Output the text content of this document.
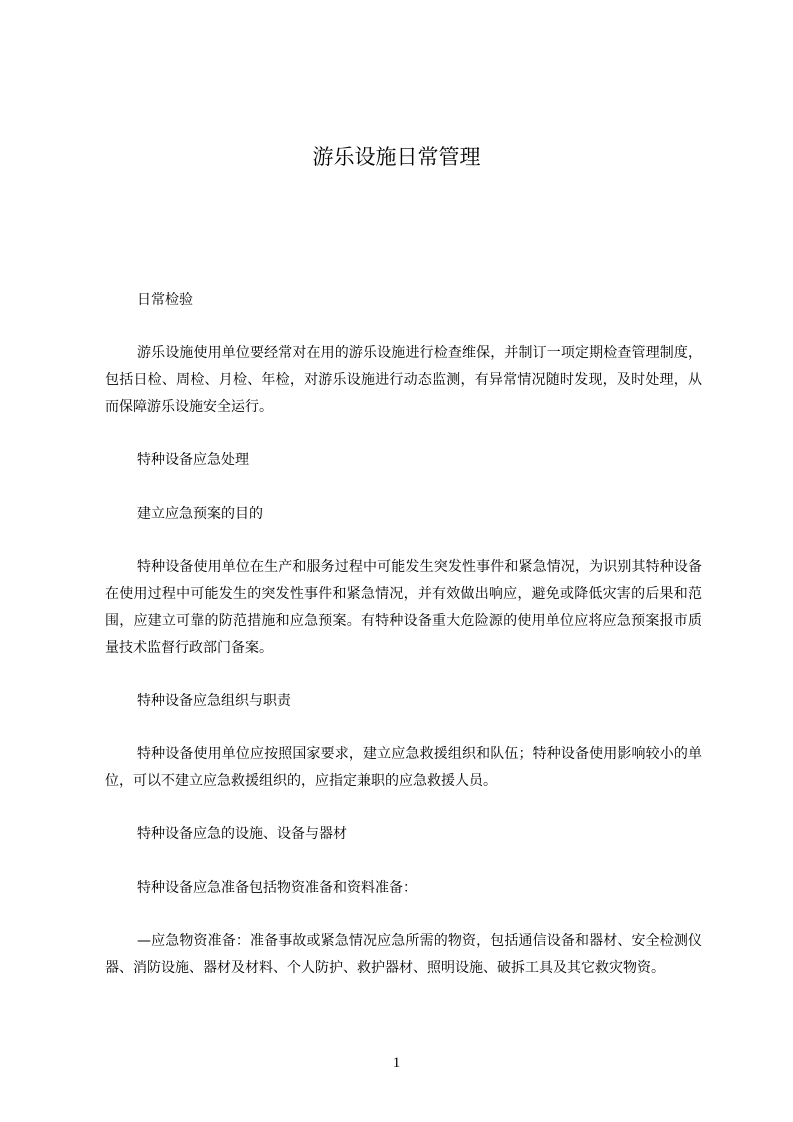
游乐设施日常管理
日常检验
游乐设施使用单位要经常对在用的游乐设施进行检查维保，并制订一项定期检查管理制度，包括日检、周检、月检、年检，对游乐设施进行动态监测，有异常情况随时发现，及时处理，从而保障游乐设施安全运行。
特种设备应急处理
建立应急预案的目的
特种设备使用单位在生产和服务过程中可能发生突发性事件和紧急情况，为识别其特种设备在使用过程中可能发生的突发性事件和紧急情况，并有效做出响应，避免或降低灾害的后果和范围，应建立可靠的防范措施和应急预案。有特种设备重大危险源的使用单位应将应急预案报市质量技术监督行政部门备案。
特种设备应急组织与职责
特种设备使用单位应按照国家要求，建立应急救援组织和队伍；特种设备使用影响较小的单位，可以不建立应急救援组织的，应指定兼职的应急救援人员。
特种设备应急的设施、设备与器材
特种设备应急准备包括物资准备和资料准备：
—应急物资准备：准备事故或紧急情况应急所需的物资，包括通信设备和器材、安全检测仪器、消防设施、器材及材料、个人防护、救护器材、照明设施、破拆工具及其它救灾物资。
1
